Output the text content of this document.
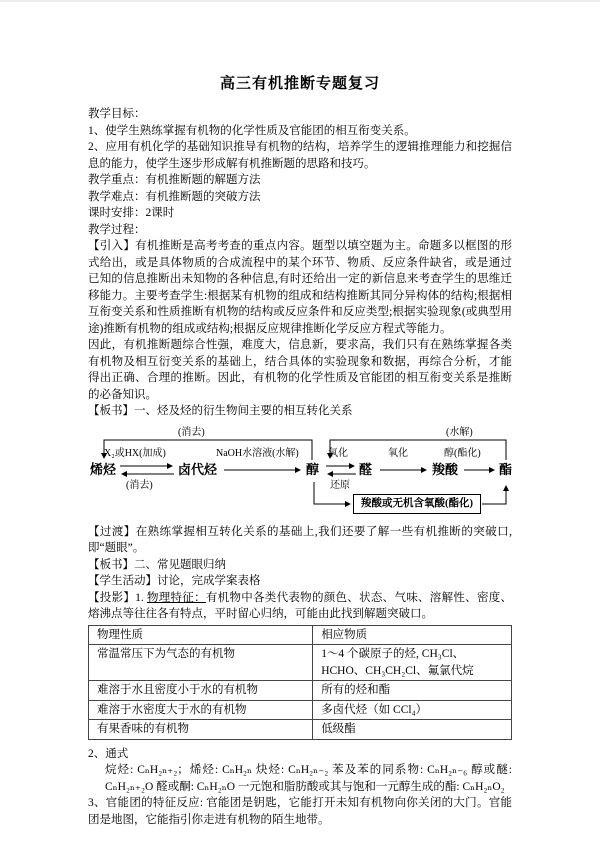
高三有机推断专题复习

教学目标：

1、使学生熟练掌握有机物的化学性质及官能团的相互衔变关系。

2、应用有机化学的基础知识推导有机物的结构，培养学生的逻辑推理能力和挖掘信息的能力，使学生逐步形成解有机推断题的思路和技巧。

教学重点：有机推断题的解题方法

教学难点：有机推断题的突破方法

课时安排：2课时

教学过程：

【引入】有机推断是高考考查的重点内容。题型以填空题为主。命题多以框图的形式给出，或是具体物质的合成流程中的某个环节、物质、反应条件缺省，或是通过已知的信息推断出未知物的各种信息,有时还给出一定的新信息来考查学生的思维迁移能力。主要考查学生:根据某有机物的组成和结构推断其同分异构体的结构;根据相互衔变关系和性质推断有机物的结构或反应条件和反应类型;根据实验现象(或典型用途)推断有机物的组成或结构;根据反应规律推断化学反应方程式等能力。

因此，有机推断题综合性强，难度大，信息新，要求高，我们只有在熟练掌握各类有机物及相互衍变关系的基础上，结合具体的实验现象和数据，再综合分析，才能得出正确、合理的推断。因此，有机物的化学性质及官能团的相互衔变关系是推断的必备知识。

【板书】一、烃及烃的衍生物间主要的相互转化关系

(消去)	(水解)
X₂或HX(加成)
(消去)
NaOH水溶液(水解)	氧化
还原
氧化	醇(酯化)
烯烃	卤代烃	醇	醛	羧酸	酯
羧酸或无机含氧酸(酯化)

【过渡】在熟练掌握相互转化关系的基础上,我们还要了解一些有机推断的突破口,即“题眼”。

【板书】二、常见题眼归纳

【学生活动】讨论，完成学案表格

【投影】1. 物理特征：有机物中各类代表物的颜色、状态、气味、溶解性、密度、熔沸点等往往各有特点，平时留心归纳，可能由此找到解题突破口。

物理性质	相应物质
常温常压下为气态的有机物	1～4 个碳原子的烃, CH₃Cl、HCHO、CH₃CH₂Cl、氟氯代烷
难溶于水且密度小于水的有机物	所有的烃和酯
难溶于水密度大于水的有机物	多卤代烃（如 CCl₄）
有果香味的有机物	低级酯

2、通式

烷烃: CₙH₂ₙ₊₂；烯烃: CₙH₂ₙ 炔烃: CₙH₂ₙ₋₂ 苯及苯的同系物: CₙH₂ₙ₋₆ 醇或醚: CₙH₂ₙ₊₂O 醛或酮: CₙH₂ₙO 一元饱和脂肪酸或其与饱和一元醇生成的酯: CₙH₂ₙO₂

3、官能团的特征反应: 官能团是钥匙，它能打开未知有机物向你关闭的大门。官能团是地图，它能指引你走进有机物的陌生地带。
